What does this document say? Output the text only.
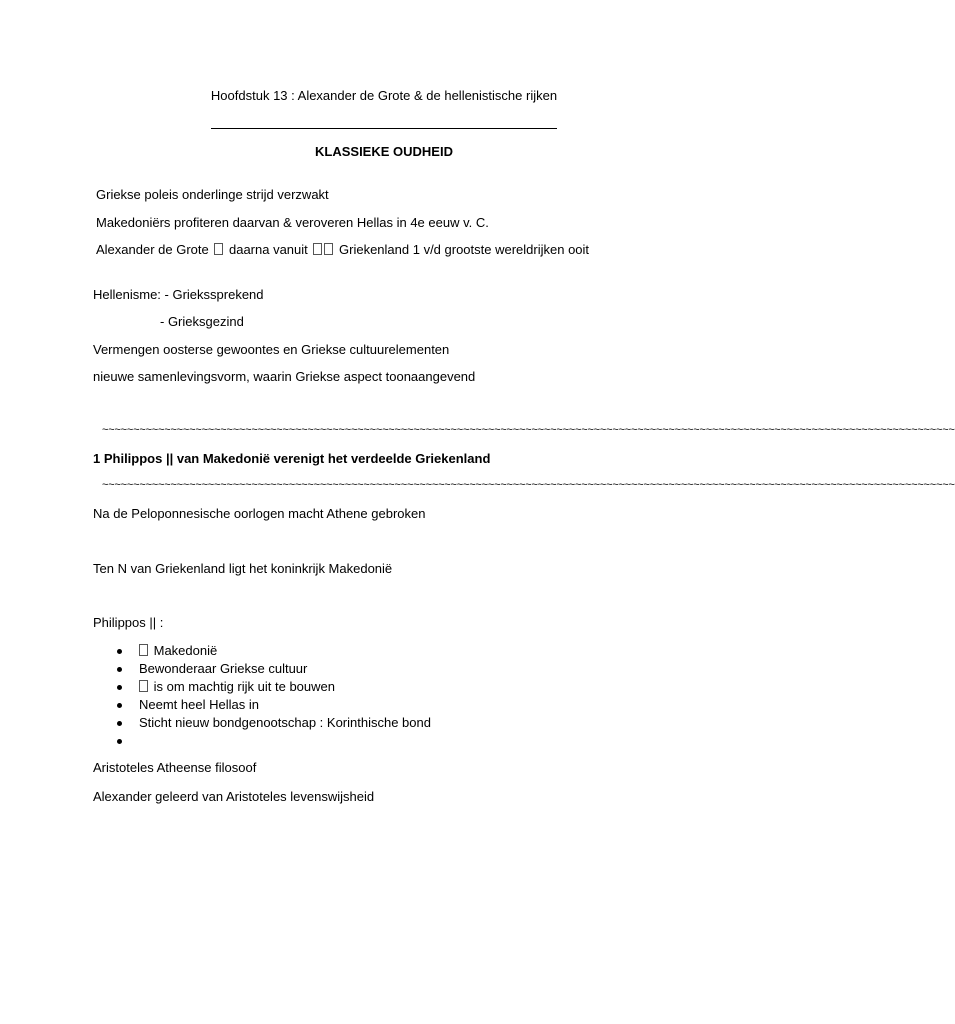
Hoofdstuk 13 : Alexander de Grote & de hellenistische rijken
KLASSIEKE OUDHEID
Griekse poleis onderlinge strijd verzwakt
Makedoniërs profiteren daarvan & veroveren Hellas in 4e eeuw v. C.
Alexander de Grote daarna vanuit Griekenland 1 v/d grootste wereldrijken ooit
Hellenisme: - Griekssprekend
- Grieksgezind
Vermengen oosterse gewoontes en Griekse cultuurelementen
nieuwe samenlevingsvorm, waarin Griekse aspect toonaangevend
~~~~~~~~~~~~~~~~~~~~~~~~~~~~~~~~~~~~~~~~~~~~~~~~~~~~~~~~~~~~~~~~~~~~~~~~~~~~~~~~~~~~~~~~~~~~~~~~~~~~~~~~~~~~~~~~~~~~~~~~~~~~~~~~~~~~~~~~~
1 Philippos || van Makedonië verenigt het verdeelde Griekenland
~~~~~~~~~~~~~~~~~~~~~~~~~~~~~~~~~~~~~~~~~~~~~~~~~~~~~~~~~~~~~~~~~~~~~~~~~~~~~~~~~~~~~~~~~~~~~~~~~~~~~~~~~~~~~~~~~~~~~~~~~~~~~~~~~~~~~~~~~
Na de Peloponnesische oorlogen macht Athene gebroken
Ten N van Griekenland ligt het koninkrijk Makedonië
Philippos || :
Makedonië
Bewonderaar Griekse cultuur
is om machtig rijk uit te bouwen
Neemt heel Hellas in
Sticht nieuw bondgenootschap : Korinthische bond
Aristoteles Atheense filosoof
Alexander geleerd van Aristoteles levenswijsheid
